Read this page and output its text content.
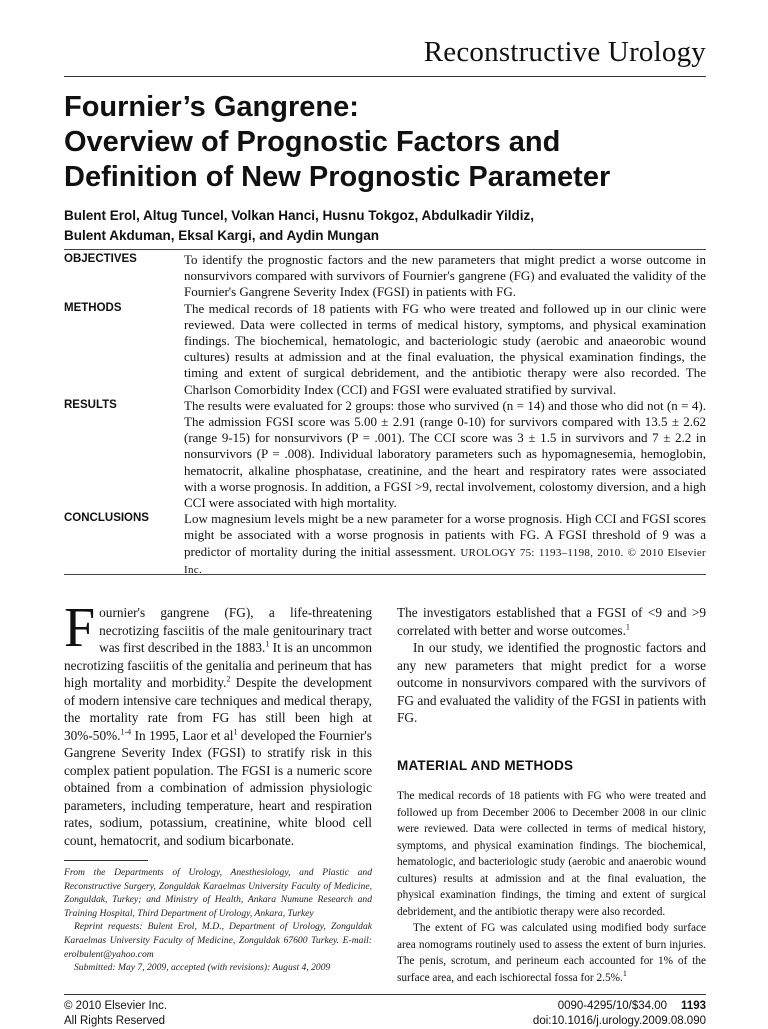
Reconstructive Urology
Fournier’s Gangrene:
Overview of Prognostic Factors and
Definition of New Prognostic Parameter
Bulent Erol, Altug Tuncel, Volkan Hanci, Husnu Tokgoz, Abdulkadir Yildiz,
Bulent Akduman, Eksal Kargi, and Aydin Mungan
OBJECTIVES	To identify the prognostic factors and the new parameters that might predict a worse outcome in nonsurvivors compared with survivors of Fournier's gangrene (FG) and evaluated the validity of the Fournier's Gangrene Severity Index (FGSI) in patients with FG.
METHODS	The medical records of 18 patients with FG who were treated and followed up in our clinic were reviewed. Data were collected in terms of medical history, symptoms, and physical examination findings. The biochemical, hematologic, and bacteriologic study (aerobic and anaeorobic wound cultures) results at admission and at the final evaluation, the physical examination findings, the timing and extent of surgical debridement, and the antibiotic therapy were also recorded. The Charlson Comorbidity Index (CCI) and FGSI were evaluated stratified by survival.
RESULTS	The results were evaluated for 2 groups: those who survived (n = 14) and those who did not (n = 4). The admission FGSI score was 5.00 ± 2.91 (range 0-10) for survivors compared with 13.5 ± 2.62 (range 9-15) for nonsurvivors (P = .001). The CCI score was 3 ± 1.5 in survivors and 7 ± 2.2 in nonsurvivors (P = .008). Individual laboratory parameters such as hypomagnesemia, hemoglobin, hematocrit, alkaline phosphatase, creatinine, and the heart and respiratory rates were associated with a worse prognosis. In addition, a FGSI >9, rectal involvement, colostomy diversion, and a high CCI were associated with high mortality.
CONCLUSIONS	Low magnesium levels might be a new parameter for a worse prognosis. High CCI and FGSI scores might be associated with a worse prognosis in patients with FG. A FGSI threshold of 9 was a predictor of mortality during the initial assessment. UROLOGY 75: 1193–1198, 2010. © 2010 Elsevier Inc.

Fournier's gangrene (FG), a life-threatening necrotizing fasciitis of the male genitourinary tract was first described in the 1883.$^1$ It is an uncommon necrotizing fasciitis of the genitalia and perineum that has high mortality and morbidity.$^2$ Despite the development of modern intensive care techniques and medical therapy, the mortality rate from FG has still been high at 30%-50%.$^{1-4}$ In 1995, Laor et $al^1$ developed the Fournier's Gangrene Severity Index (FGSI) to stratify risk in this complex patient population. The FGSI is a numeric score obtained from a combination of admission physiologic parameters, including temperature, heart and respiration rates, sodium, potassium, creatinine, white blood cell count, hematocrit, and sodium bicarbonate.

From the Departments of Urology, Anesthesiology, and Plastic and Reconstructive Surgery, Zonguldak Karaelmas University Faculty of Medicine, Zonguldak, Turkey; and Ministry of Health, Ankara Numune Research and Training Hospital, Third Department of Urology, Ankara, Turkey

Reprint requests: Bulent Erol, M.D., Department of Urology, Zonguldak Karaelmas University Faculty of Medicine, Zonguldak 67600 Turkey. E-mail: erolbulent@yahoo.com

Submitted: May 7, 2009, accepted (with revisions): August 4, 2009

The investigators established that a FGSI of <9 and >9 correlated with better and worse outcomes.$^1$

In our study, we identified the prognostic factors and any new parameters that might predict for a worse outcome in nonsurvivors compared with the survivors of FG and evaluated the validity of the FGSI in patients with FG.

MATERIAL AND METHODS

The medical records of 18 patients with FG who were treated and followed up from December 2006 to December 2008 in our clinic were reviewed. Data were collected in terms of medical history, symptoms, and physical examination findings. The biochemical, hematologic, and bacteriologic study (aerobic and anaerobic wound cultures) results at admission and at the final evaluation, the physical examination findings, the timing and extent of surgical debridement, and the antibiotic therapy were also recorded.

The extent of FG was calculated using modified body surface area nomograms routinely used to assess the extent of burn injuries. The penis, scrotum, and perineum each accounted for 1% of the surface area, and each ischiorectal fossa for 2.5%.$^1$

© 2010 Elsevier Inc.
All Rights Reserved
0090-4295/10/$34.00 1193
doi:10.1016/j.urology.2009.08.090
